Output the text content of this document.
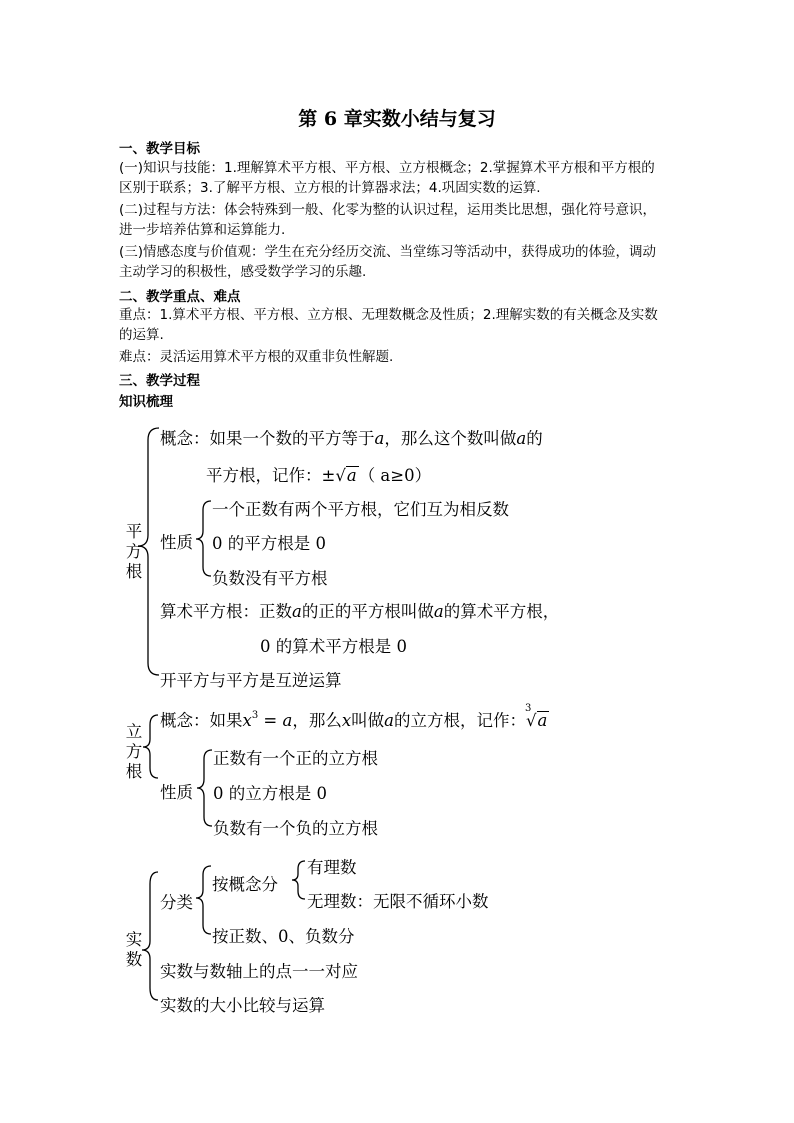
第 6 章实数小结与复习
一、教学目标
(一)知识与技能：1.理解算术平方根、平方根、立方根概念；2.掌握算术平方根和平方根的
区别于联系；3.了解平方根、立方根的计算器求法；4.巩固实数的运算.
(二)过程与方法：体会特殊到一般、化零为整的认识过程，运用类比思想，强化符号意识，
进一步培养估算和运算能力.
(三)情感态度与价值观：学生在充分经历交流、当堂练习等活动中，获得成功的体验，调动
主动学习的积极性，感受数学学习的乐趣.
二、教学重点、难点
重点：1.算术平方根、平方根、立方根、无理数概念及性质；2.理解实数的有关概念及实数
的运算.
难点：灵活运用算术平方根的双重非负性解题.
三、教学过程
知识梳理
平
方
根
概念：如果一个数的平方等于a，那么这个数叫做a的
平方根，记作：±√a （ a≥0）
性质
一个正数有两个平方根，它们互为相反数
0 的平方根是 0
负数没有平方根
算术平方根：正数a的正的平方根叫做a的算术平方根，
0 的算术平方根是 0
开平方与平方是互逆运算
立
方
根
概念：如果$x^3 = a$，那么x叫做a的立方根，记作：
3
√a
性质
正数有一个正的立方根
0 的立方根是 0
负数有一个负的立方根
实
数
分类
按概念分
有理数
无理数：无限不循环小数
按正数、0、负数分
实数与数轴上的点一一对应
实数的大小比较与运算
